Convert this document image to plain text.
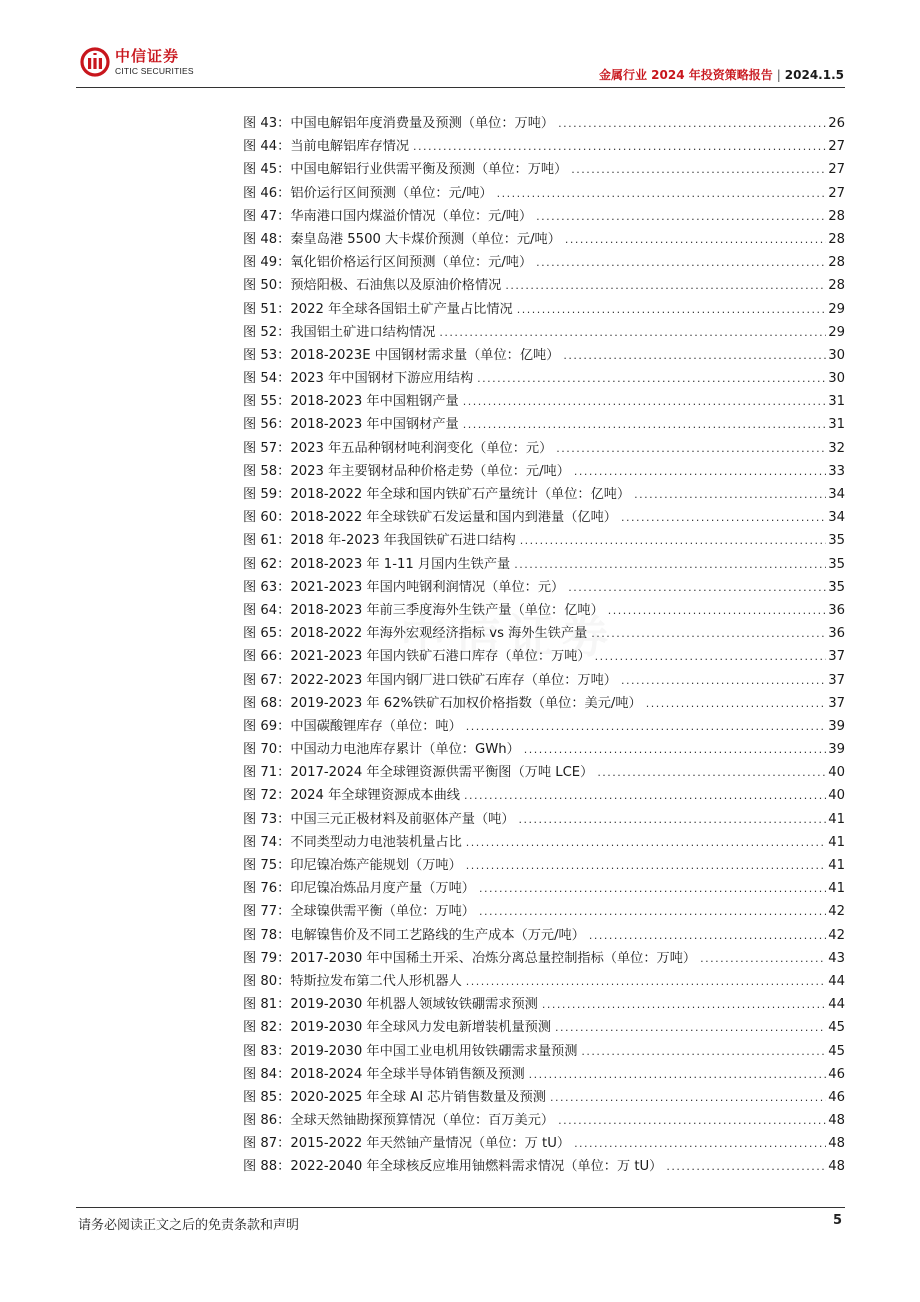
中信证券
CITIC SECURITIES	金属行业 2024 年投资策略报告 | 2024.1.5
图 43：中国电解铝年度消费量及预测（单位：万吨） .....	26
图 44：当前电解铝库存情况 .....	27
图 45：中国电解铝行业供需平衡及预测（单位：万吨） .....	27
图 46：铝价运行区间预测（单位：元/吨） .....	27
图 47：华南港口国内煤溢价情况（单位：元/吨） .....	28
图 48：秦皇岛港 5500 大卡煤价预测（单位：元/吨） .....	28
图 49：氧化铝价格运行区间预测（单位：元/吨） .....	28
图 50：预焙阳极、石油焦以及原油价格情况 .....	28
图 51：2022 年全球各国铝土矿产量占比情况 .....	29
图 52：我国铝土矿进口结构情况 .....	29
图 53：2018-2023E 中国钢材需求量（单位：亿吨） .....	30
图 54：2023 年中国钢材下游应用结构 .....	30
图 55：2018-2023 年中国粗钢产量 .....	31
图 56：2018-2023 年中国钢材产量 .....	31
图 57：2023 年五品种钢材吨利润变化（单位：元） .....	32
图 58：2023 年主要钢材品种价格走势（单位：元/吨） .....	33
图 59：2018-2022 年全球和国内铁矿石产量统计（单位：亿吨） .....	34
图 60：2018-2022 年全球铁矿石发运量和国内到港量（亿吨） .....	34
图 61：2018 年-2023 年我国铁矿石进口结构 .....	35
图 62：2018-2023 年 1-11 月国内生铁产量 .....	35
图 63：2021-2023 年国内吨钢利润情况（单位：元） .....	35
图 64：2018-2023 年前三季度海外生铁产量（单位：亿吨） .....	36
图 65：2018-2022 年海外宏观经济指标 vs 海外生铁产量 .....	36
图 66：2021-2023 年国内铁矿石港口库存（单位：万吨） .....	37
图 67：2022-2023 年国内钢厂进口铁矿石库存（单位：万吨） .....	37
图 68：2019-2023 年 62%铁矿石加权价格指数（单位：美元/吨） .....	37
图 69：中国碳酸锂库存（单位：吨） .....	39
图 70：中国动力电池库存累计（单位：GWh） .....	39
图 71：2017-2024 年全球锂资源供需平衡图（万吨 LCE） .....	40
图 72：2024 年全球锂资源成本曲线 .....	40
图 73：中国三元正极材料及前驱体产量（吨） .....	41
图 74：不同类型动力电池装机量占比 .....	41
图 75：印尼镍冶炼产能规划（万吨） .....	41
图 76：印尼镍冶炼品月度产量（万吨） .....	41
图 77：全球镍供需平衡（单位：万吨） .....	42
图 78：电解镍售价及不同工艺路线的生产成本（万元/吨） .....	42
图 79：2017-2030 年中国稀土开采、冶炼分离总量控制指标（单位：万吨） .....	43
图 80：特斯拉发布第二代人形机器人 .....	44
图 81：2019-2030 年机器人领域钕铁硼需求预测 .....	44
图 82：2019-2030 年全球风力发电新增装机量预测 .....	45
图 83：2019-2030 年中国工业电机用钕铁硼需求量预测 .....	45
图 84：2018-2024 年全球半导体销售额及预测 .....	46
图 85：2020-2025 年全球 AI 芯片销售数量及预测 .....	46
图 86：全球天然铀勘探预算情况（单位：百万美元） .....	48
图 87：2015-2022 年天然铀产量情况（单位：万 tU） .....	48
图 88：2022-2040 年全球核反应堆用铀燃料需求情况（单位：万 tU） .....	48
请务必阅读正文之后的免责条款和声明	5
